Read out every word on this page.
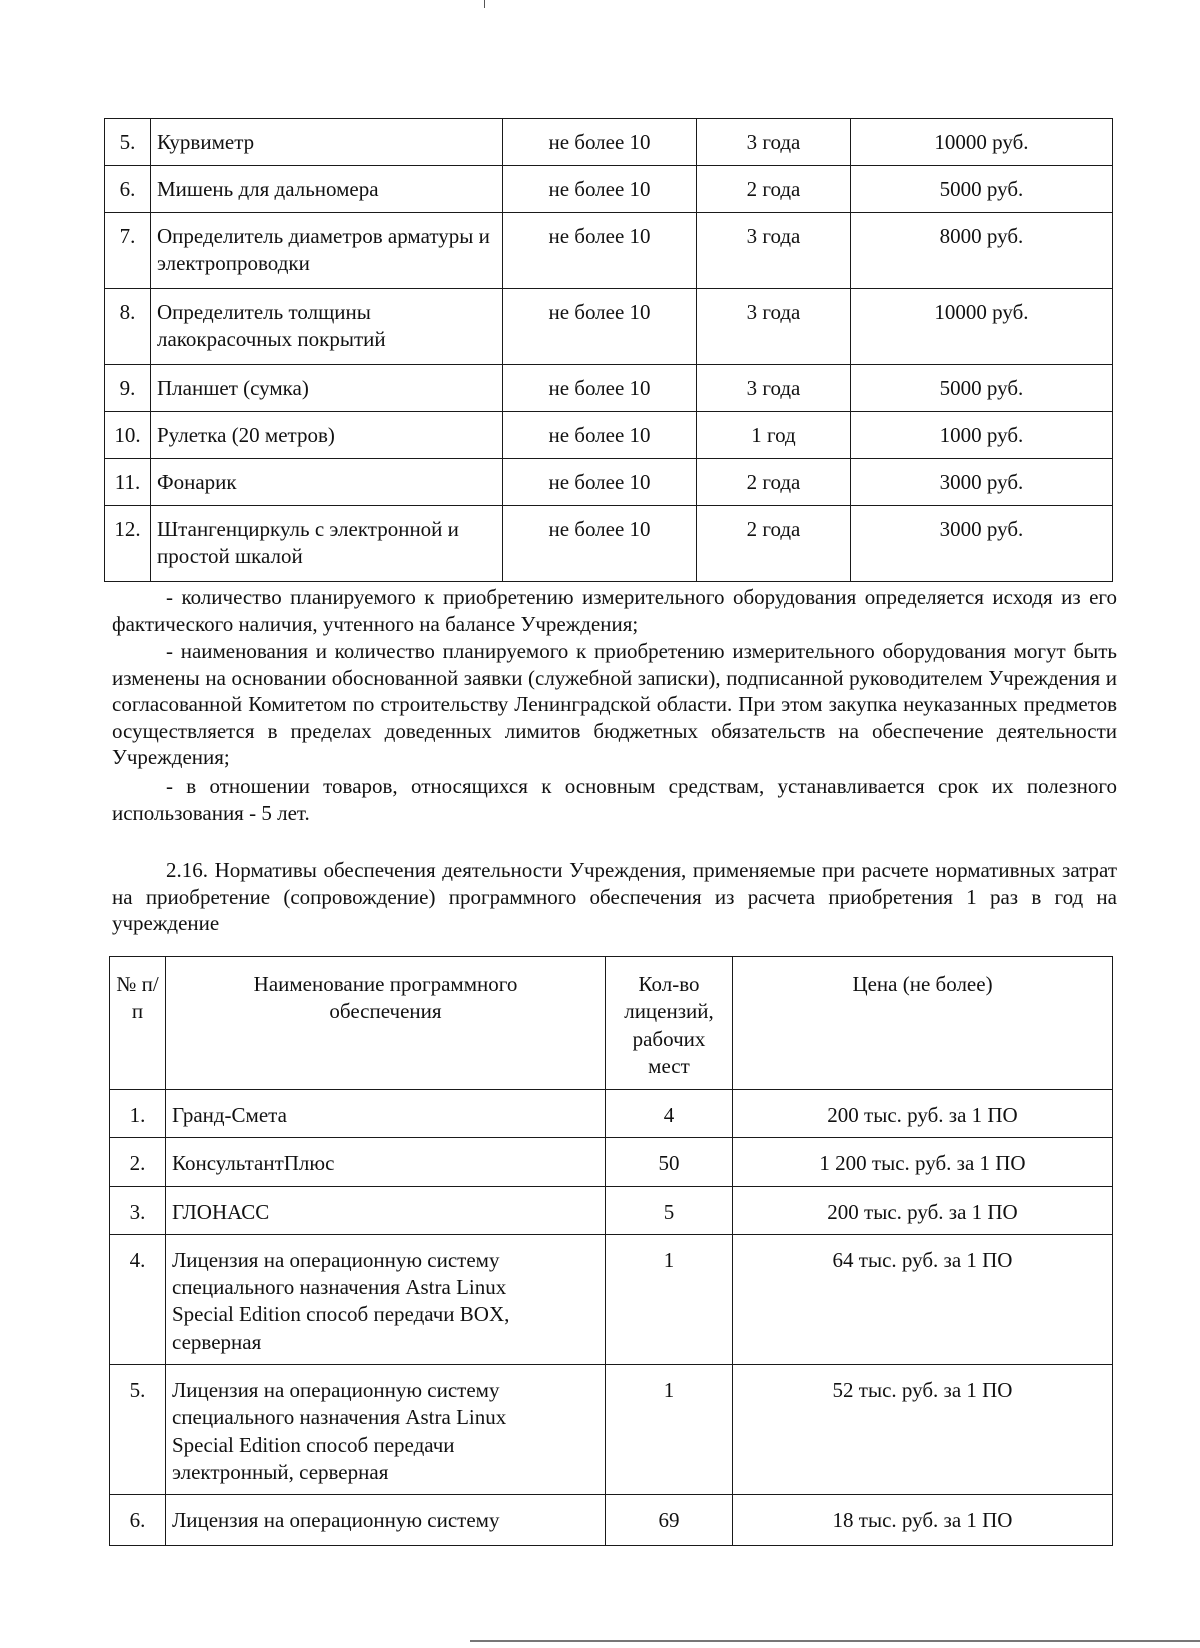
5.	Курвиметр	не более 10	3 года	10000 руб.
6.	Мишень для дальномера	не более 10	2 года	5000 руб.
7.	Определитель диаметров арматуры и электропроводки	не более 10	3 года	8000 руб.
8.	Определитель толщины лакокрасочных покрытий	не более 10	3 года	10000 руб.
9.	Планшет (сумка)	не более 10	3 года	5000 руб.
10.	Рулетка (20 метров)	не более 10	1 год	1000 руб.
11.	Фонарик	не более 10	2 года	3000 руб.
12.	Штангенциркуль с электронной и простой шкалой	не более 10	2 года	3000 руб.

- количество планируемого к приобретению измерительного оборудования определяется исходя из его фактического наличия, учтенного на балансе Учреждения;

- наименования и количество планируемого к приобретению измерительного оборудования могут быть изменены на основании обоснованной заявки (служебной записки), подписанной руководителем Учреждения и согласованной Комитетом по строительству Ленинградской области. При этом закупка неуказанных предметов осуществляется в пределах доведенных лимитов бюджетных обязательств на обеспечение деятельности Учреждения;

- в отношении товаров, относящихся к основным средствам, устанавливается срок их полезного использования - 5 лет.

2.16. Нормативы обеспечения деятельности Учреждения, применяемые при расчете нормативных затрат на приобретение (сопровождение) программного обеспечения из расчета приобретения 1 раз в год на учреждение

№ п/п	Наименование программного обеспечения	Кол-во лицензий, рабочих мест	Цена (не более)
1.	Гранд-Смета	4	200 тыс. руб. за 1 ПО
2.	КонсультантПлюс	50	1 200 тыс. руб. за 1 ПО
3.	ГЛОНАСС	5	200 тыс. руб. за 1 ПО
4.	Лицензия на операционную систему специального назначения Astra Linux Special Edition способ передачи BOX, серверная	1	64 тыс. руб. за 1 ПО
5.	Лицензия на операционную систему специального назначения Astra Linux Special Edition способ передачи электронный, серверная	1	52 тыс. руб. за 1 ПО
6.	Лицензия на операционную систему	69	18 тыс. руб. за 1 ПО
